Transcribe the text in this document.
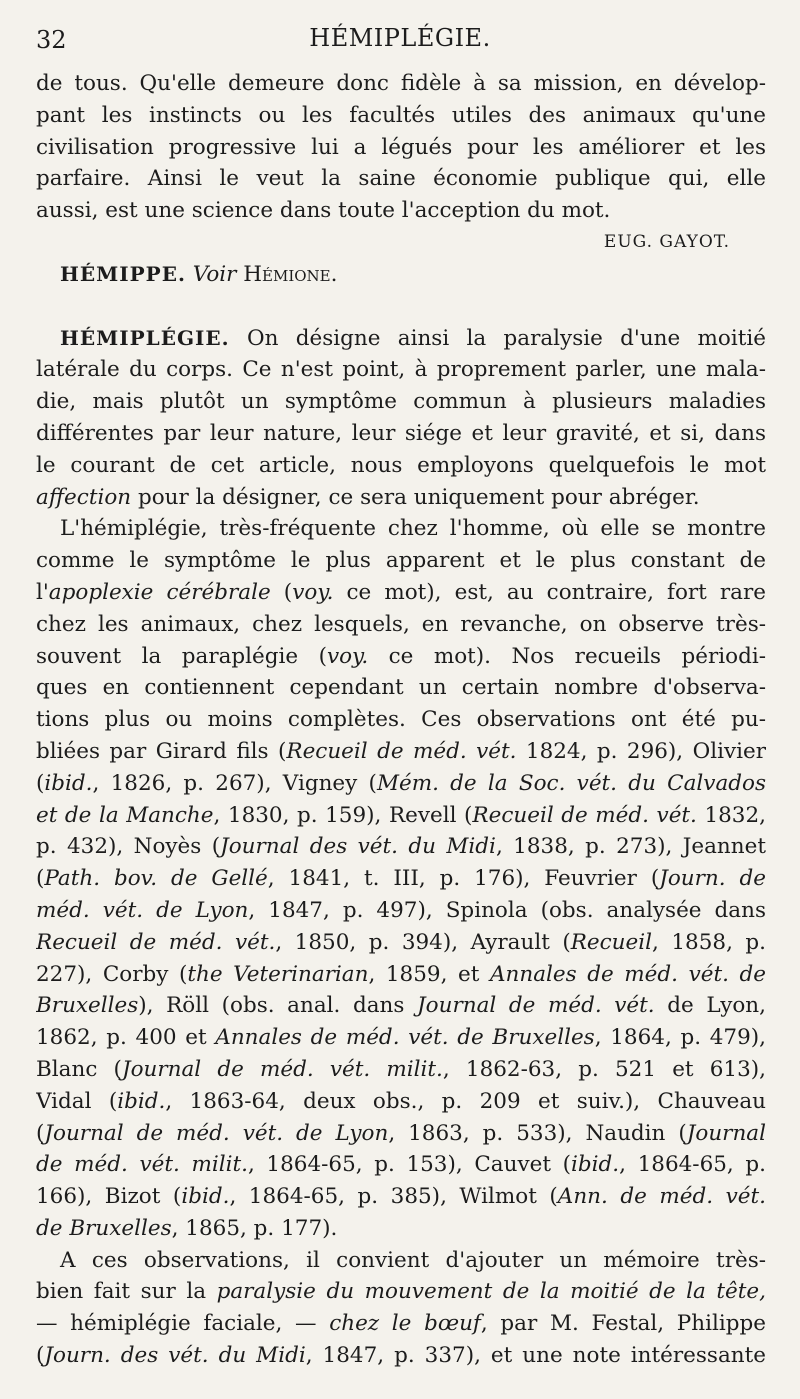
32	HÉMIPLÉGIE.
de tous. Qu'elle demeure donc fidèle à sa mission, en dévelop-
pant les instincts ou les facultés utiles des animaux qu'une
civilisation progressive lui a légués pour les améliorer et les
parfaire. Ainsi le veut la saine économie publique qui, elle
aussi, est une science dans toute l'acception du mot.
EUG. GAYOT.
HÉMIPPE. Voir Hémione.
HÉMIPLÉGIE. On désigne ainsi la paralysie d'une moitié
latérale du corps. Ce n'est point, à proprement parler, une mala-
die, mais plutôt un symptôme commun à plusieurs maladies
différentes par leur nature, leur siége et leur gravité, et si, dans
le courant de cet article, nous employons quelquefois le mot
affection pour la désigner, ce sera uniquement pour abréger.
L'hémiplégie, très-fréquente chez l'homme, où elle se montre
comme le symptôme le plus apparent et le plus constant de
l'apoplexie cérébrale (voy. ce mot), est, au contraire, fort rare
chez les animaux, chez lesquels, en revanche, on observe très-
souvent la paraplégie (voy. ce mot). Nos recueils périodi-
ques en contiennent cependant un certain nombre d'observa-
tions plus ou moins complètes. Ces observations ont été pu-
bliées par Girard fils (Recueil de méd. vét. 1824, p. 296), Olivier
(ibid., 1826, p. 267), Vigney (Mém. de la Soc. vét. du Calvados
et de la Manche, 1830, p. 159), Revell (Recueil de méd. vét. 1832,
p. 432), Noyès (Journal des vét. du Midi, 1838, p. 273), Jeannet
(Path. bov. de Gellé, 1841, t. III, p. 176), Feuvrier (Journ. de
méd. vét. de Lyon, 1847, p. 497), Spinola (obs. analysée dans
Recueil de méd. vét., 1850, p. 394), Ayrault (Recueil, 1858, p.
227), Corby (the Veterinarian, 1859, et Annales de méd. vét. de
Bruxelles), Röll (obs. anal. dans Journal de méd. vét. de Lyon,
1862, p. 400 et Annales de méd. vét. de Bruxelles, 1864, p. 479),
Blanc (Journal de méd. vét. milit., 1862-63, p. 521 et 613),
Vidal (ibid., 1863-64, deux obs., p. 209 et suiv.), Chauveau
(Journal de méd. vét. de Lyon, 1863, p. 533), Naudin (Journal
de méd. vét. milit., 1864-65, p. 153), Cauvet (ibid., 1864-65, p.
166), Bizot (ibid., 1864-65, p. 385), Wilmot (Ann. de méd. vét.
de Bruxelles, 1865, p. 177).
A ces observations, il convient d'ajouter un mémoire très-
bien fait sur la paralysie du mouvement de la moitié de la tête,
— hémiplégie faciale, — chez le bœuf, par M. Festal, Philippe
(Journ. des vét. du Midi, 1847, p. 337), et une note intéressante
